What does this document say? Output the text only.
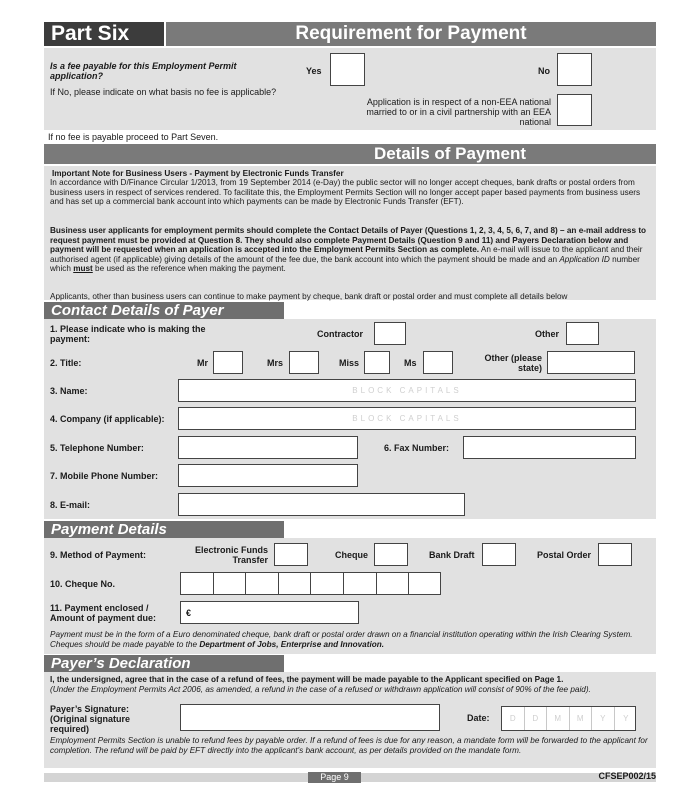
Part Six	Requirement for Payment
Is a fee payable for this Employment Permit application?	Yes	No
If No, please indicate on what basis no fee is applicable?
Application is in respect of a non-EEA national married to or in a civil partnership with an EEA national
If no fee is payable proceed to Part Seven.
Details of Payment
Important Note for Business Users - Payment by Electronic Funds Transfer
In accordance with D/Finance Circular 1/2013, from 19 September 2014 (e-Day) the public sector will no longer accept cheques, bank drafts or postal orders from business users in respect of services rendered. To facilitate this, the Employment Permits Section will no longer accept paper based payments from business users and has set up a commercial bank account into which payments can be made by Electronic Funds Transfer (EFT).
Business user applicants for employment permits should complete the Contact Details of Payer (Questions 1, 2, 3, 4, 5, 6, 7, and 8) – an e-mail address to request payment must be provided at Question 8. They should also complete Payment Details (Question 9 and 11) and Payers Declaration below and payment will be requested when an application is accepted into the Employment Permits Section as complete. An e-mail will issue to the applicant and their authorised agent (if applicable) giving details of the amount of the fee due, the bank account into which the payment should be made and an Application ID number which must be used as the reference when making the payment.
Applicants, other than business users can continue to make payment by cheque, bank draft or postal order and must complete all details below
Contact Details of Payer
1. Please indicate who is making the payment:	Contractor	Other
2. Title:	Mr	Mrs	Miss	Ms	Other (please state)
3. Name:	BLOCK CAPITALS
4. Company (if applicable):	BLOCK CAPITALS
5. Telephone Number:	6. Fax Number:
7. Mobile Phone Number:
8. E-mail:
Payment Details
9. Method of Payment:	Electronic Funds Transfer	Cheque	Bank Draft	Postal Order
10. Cheque No.
11. Payment enclosed / Amount of payment due:	€
Payment must be in the form of a Euro denominated cheque, bank draft or postal order drawn on a financial institution operating within the Irish Clearing System. Cheques should be made payable to the Department of Jobs, Enterprise and Innovation.
Payer’s Declaration
I, the undersigned, agree that in the case of a refund of fees, the payment will be made payable to the Applicant specified on Page 1.
(Under the Employment Permits Act 2006, as amended, a refund in the case of a refused or withdrawn application will consist of 90% of the fee paid).
Payer’s Signature: (Original signature required)
Date:	D	D	M	M	Y	Y
Employment Permits Section is unable to refund fees by payable order. If a refund of fees is due for any reason, a mandate form will be forwarded to the applicant for completion. The refund will be paid by EFT directly into the applicant's bank account, as per details provided on the mandate form.
Page 9	CFSEP002/15
